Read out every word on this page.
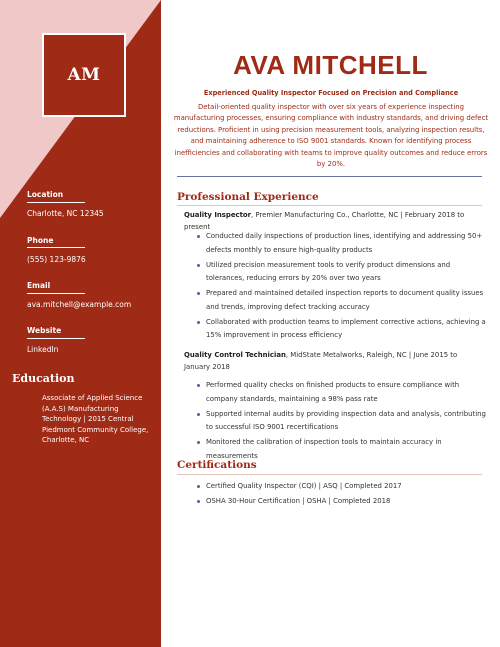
AM
Location
Charlotte, NC 12345
Phone
(555) 123-9876
Email
ava.mitchell@example.com
Website
LinkedIn
Education
Associate of Applied Science (A.A.S) Manufacturing Technology | 2015 Central Piedmont Community College, Charlotte, NC
AVA MITCHELL
Experienced Quality Inspector Focused on Precision and Compliance
Detail-oriented quality inspector with over six years of experience inspecting manufacturing processes, ensuring compliance with industry standards, and driving defect reductions. Proficient in using precision measurement tools, analyzing inspection results, and maintaining adherence to ISO 9001 standards. Known for identifying process inefficiencies and collaborating with teams to improve quality outcomes and reduce errors by 20%.
Professional Experience
Quality Inspector, Premier Manufacturing Co., Charlotte, NC | February 2018 to present
Conducted daily inspections of production lines, identifying and addressing 50+ defects monthly to ensure high-quality products
Utilized precision measurement tools to verify product dimensions and tolerances, reducing errors by 20% over two years
Prepared and maintained detailed inspection reports to document quality issues and trends, improving defect tracking accuracy
Collaborated with production teams to implement corrective actions, achieving a 15% improvement in process efficiency
Quality Control Technician, MidState Metalworks, Raleigh, NC | June 2015 to January 2018
Performed quality checks on finished products to ensure compliance with company standards, maintaining a 98% pass rate
Supported internal audits by providing inspection data and analysis, contributing to successful ISO 9001 recertifications
Monitored the calibration of inspection tools to maintain accuracy in measurements
Certifications
Certified Quality Inspector (CQI) | ASQ | Completed 2017
OSHA 30-Hour Certification | OSHA | Completed 2018
